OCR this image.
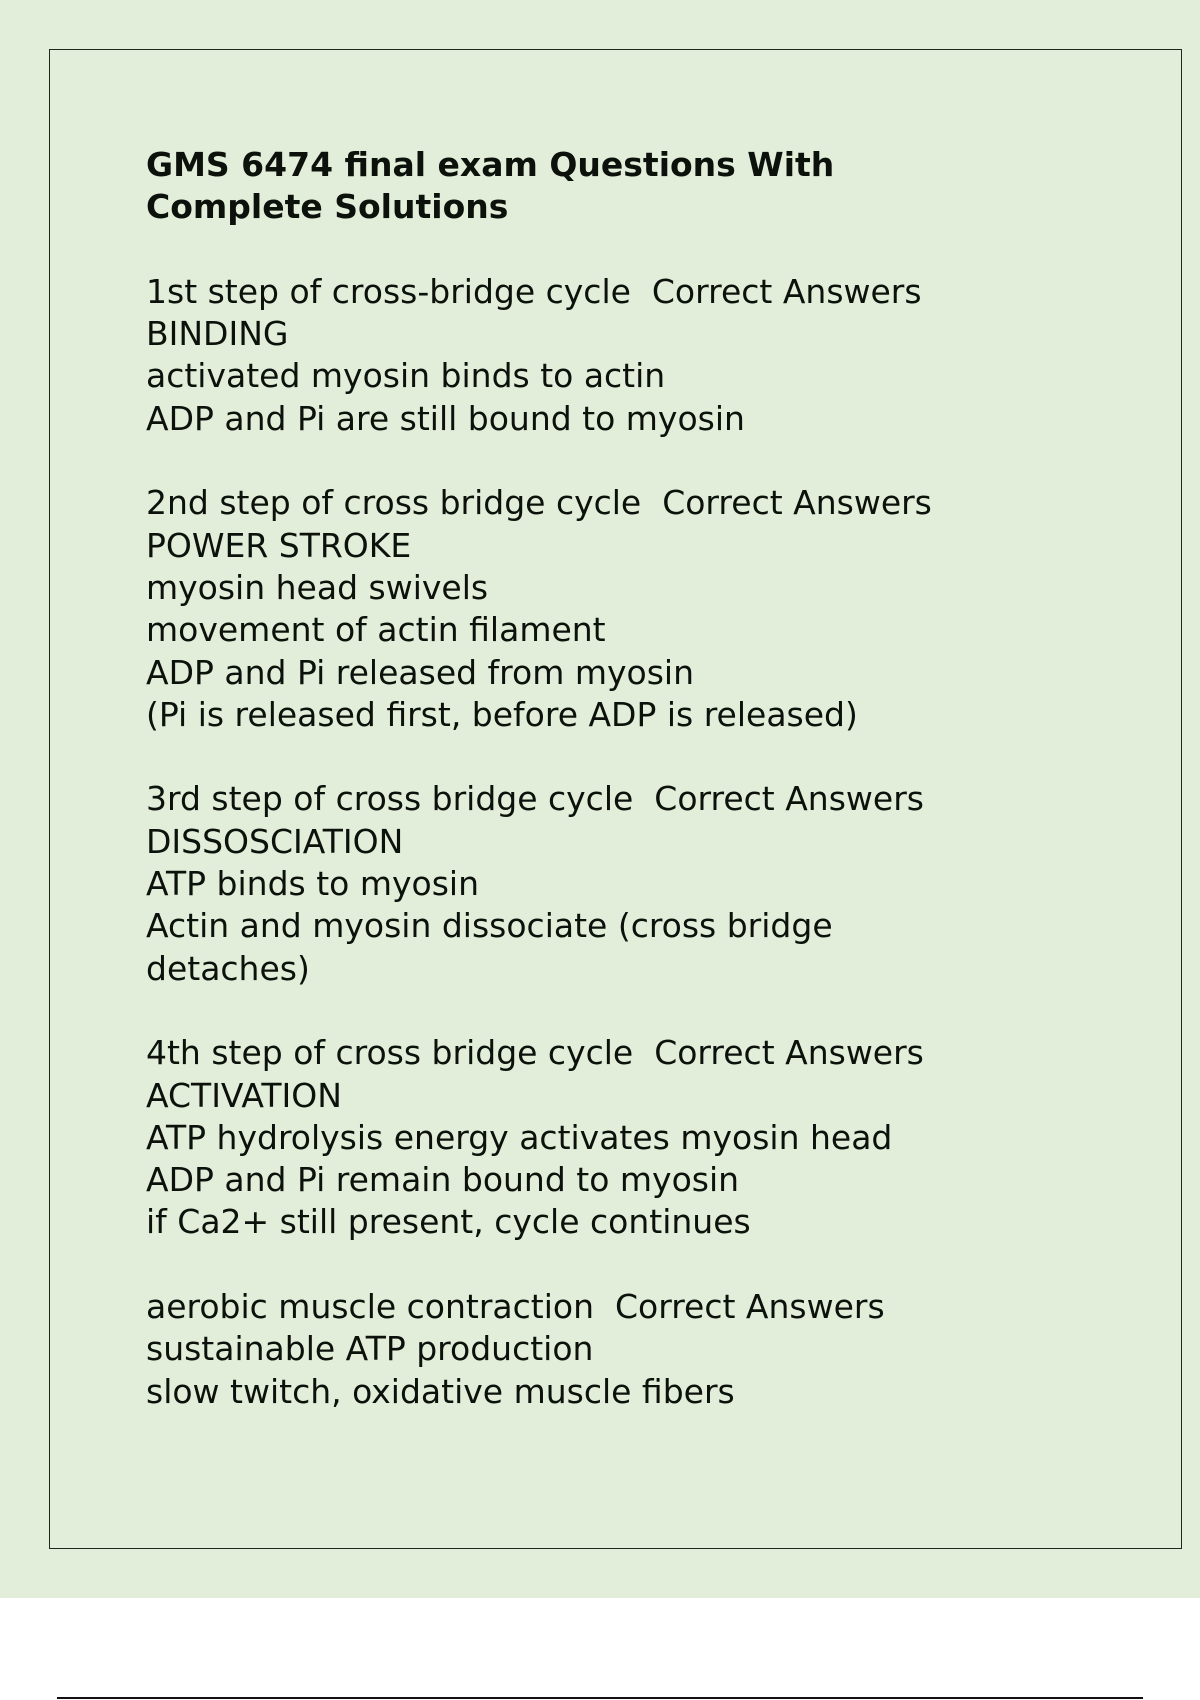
GMS 6474 final exam Questions With Complete Solutions
1st step of cross-bridge cycle  Correct Answers
BINDING
activated myosin binds to actin
ADP and Pi are still bound to myosin
2nd step of cross bridge cycle  Correct Answers
POWER STROKE
myosin head swivels
movement of actin filament
ADP and Pi released from myosin
(Pi is released first, before ADP is released)
3rd step of cross bridge cycle  Correct Answers
DISSOSCIATION
ATP binds to myosin
Actin and myosin dissociate (cross bridge detaches)
4th step of cross bridge cycle  Correct Answers
ACTIVATION
ATP hydrolysis energy activates myosin head
ADP and Pi remain bound to myosin
if Ca2+ still present, cycle continues
aerobic muscle contraction  Correct Answers
sustainable ATP production
slow twitch, oxidative muscle fibers
